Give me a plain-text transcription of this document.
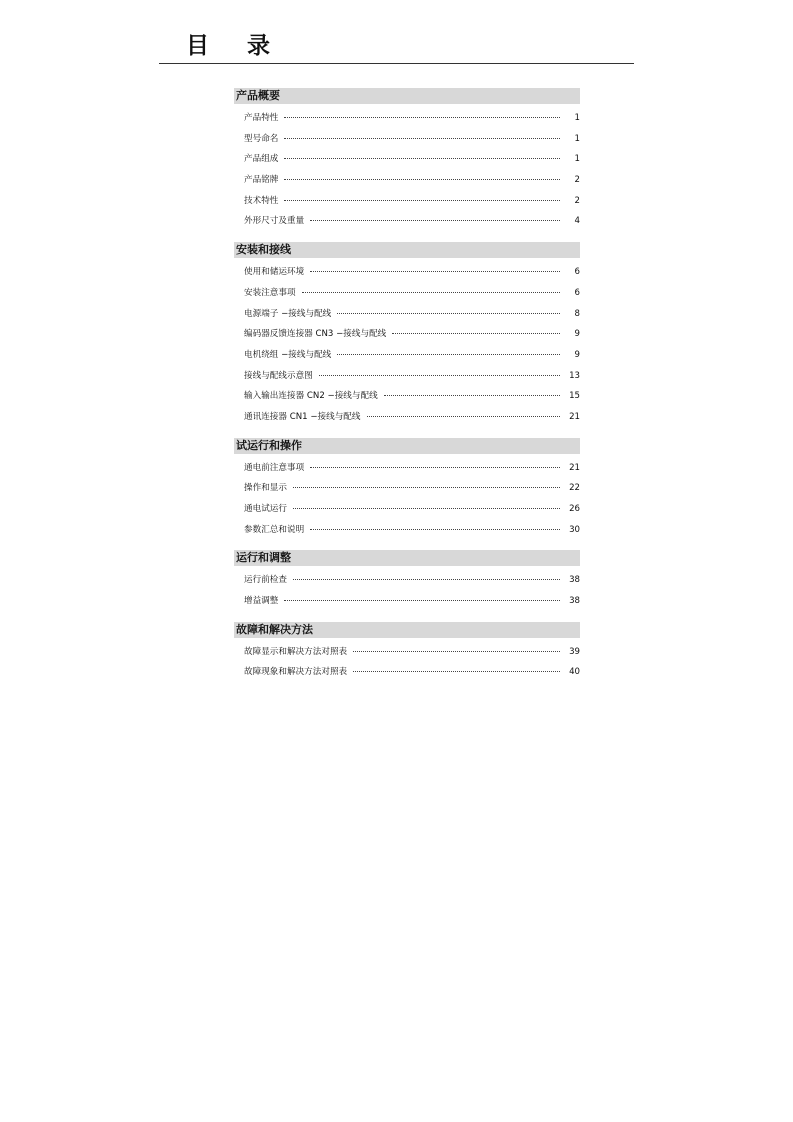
目 录
产品概要
产品特性	1
型号命名	1
产品组成	1
产品铭牌	2
技术特性	2
外形尺寸及重量	4
安装和接线
使用和储运环境	6
安装注意事项	6
电源端子 −接线与配线	8
编码器反馈连接器 CN3 −接线与配线	9
电机绕组 −接线与配线	9
接线与配线示意图	13
输入输出连接器 CN2 −接线与配线	15
通讯连接器 CN1 −接线与配线	21
试运行和操作
通电前注意事项	21
操作和显示	22
通电试运行	26
参数汇总和说明	30
运行和调整
运行前检查	38
增益调整	38
故障和解决方法
故障显示和解决方法对照表	39
故障现象和解决方法对照表	40
